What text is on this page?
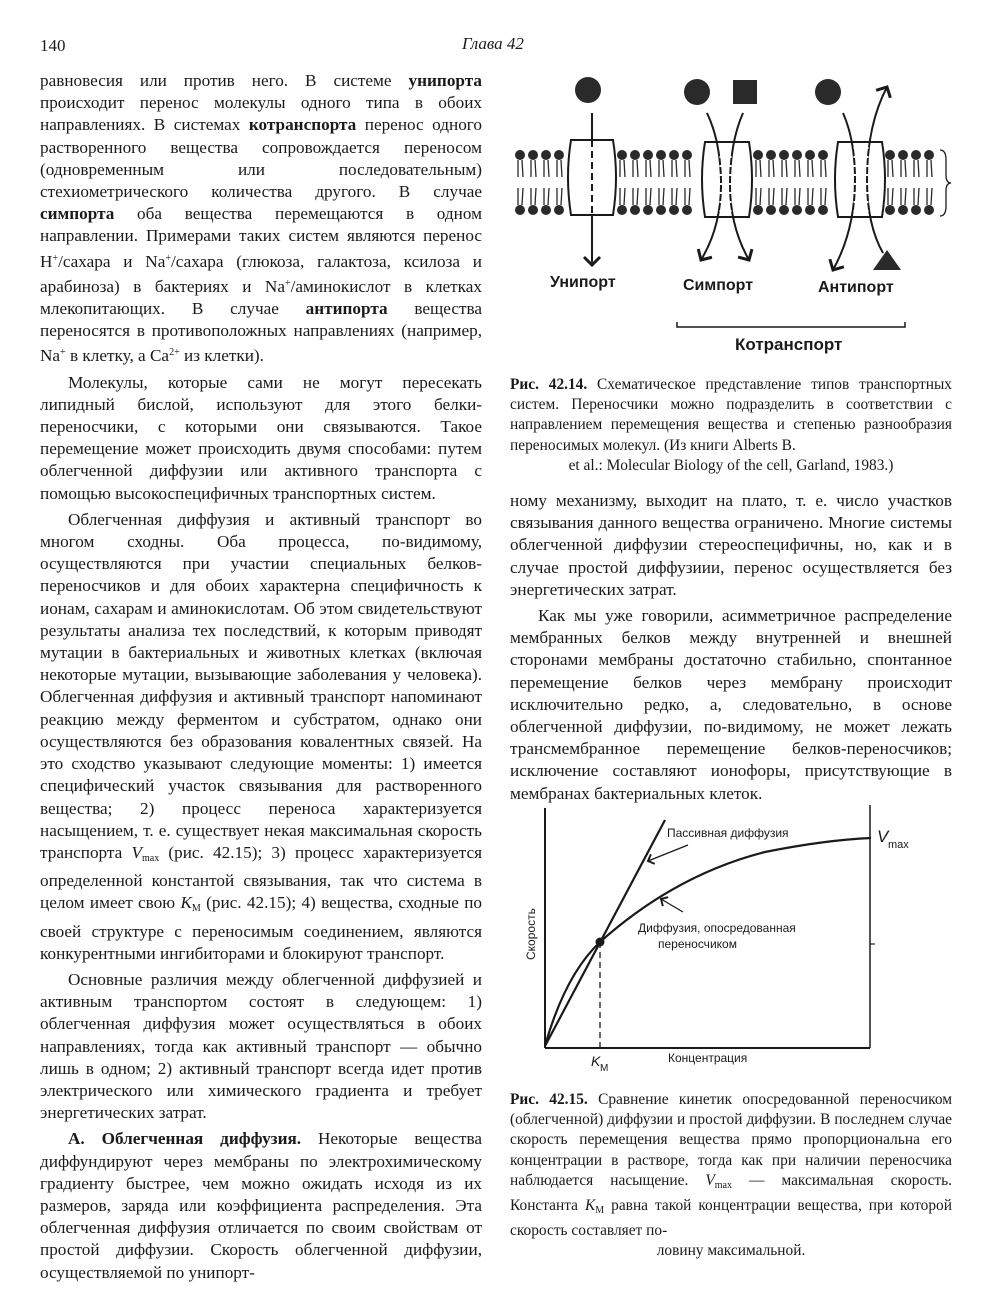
140	Глава 42

равновесия или против него. В системе унипорта происходит перенос молекулы одного типа в обоих направлениях. В системах котранспорта перенос одного растворенного вещества сопровождается переносом (одновременным или последовательным) стехиометрического количества другого. В случае симпорта оба вещества перемещаются в одном направлении. Примерами таких систем являются перенос H+/сахара и Na+/сахара (глюкоза, галактоза, ксилоза и арабиноза) в бактериях и Na+/аминокислот в клетках млекопитающих. В случае антипорта вещества переносятся в противоположных направлениях (например, Na+ в клетку, а $Ca^{2+}$ из клетки).

Молекулы, которые сами не могут пересекать липидный бислой, используют для этого белки-переносчики, с которыми они связываются. Такое перемещение может происходить двумя способами: путем облегченной диффузии или активного транспорта с помощью высокоспецифичных транспортных систем.

Облегченная диффузия и активный транспорт во многом сходны. Оба процесса, по-видимому, осуществляются при участии специальных белков-переносчиков и для обоих характерна специфичность к ионам, сахарам и аминокислотам. Об этом свидетельствуют результаты анализа тех последствий, к которым приводят мутации в бактериальных и животных клетках (включая некоторые мутации, вызывающие заболевания у человека). Облегченная диффузия и активный транспорт напоминают реакцию между ферментом и субстратом, однако они осуществляются без образования ковалентных связей. На это сходство указывают следующие моменты: 1) имеется специфический участок связывания для растворенного вещества; 2) процесс переноса характеризуется насыщением, т. е. существует некая максимальная скорость транспорта $V_{max}$ (рис. 42.15); 3) процесс характеризуется определенной константой связывания, так что система в целом имеет свою $K_M$ (рис. 42.15); 4) вещества, сходные по своей структуре с переносимым соединением, являются конкурентными ингибиторами и блокируют транспорт.

Основные различия между облегченной диффузией и активным транспортом состоят в следующем: 1) облегченная диффузия может осуществляться в обоих направлениях, тогда как активный транспорт — обычно лишь в одном; 2) активный транспорт всегда идет против электрического или химического градиента и требует энергетических затрат.

А. Облегченная диффузия. Некоторые вещества диффундируют через мембраны по электрохимическому градиенту быстрее, чем можно ожидать исходя из их размеров, заряда или коэффициента распределения. Эта облегченная диффузия отличается по своим свойствам от простой диффузии. Скорость облегченной диффузии, осуществляемой по унипорт-

Унипорт	Симпорт	Антипорт
Котранспорт
Рис. 42.14. Схематическое представление типов транспортных систем. Переносчики можно подразделить в соответствии с направлением перемещения вещества и степенью разнообразия переносимых молекул. (Из книги Alberts B.
et al.: Molecular Biology of the cell, Garland, 1983.)

ному механизму, выходит на плато, т. е. число участков связывания данного вещества ограничено. Многие системы облегченной диффузии стереоспецифичны, но, как и в случае простой диффузиии, перенос осуществляется без энергетических затрат.

Как мы уже говорили, асимметричное распределение мембранных белков между внутренней и внешней сторонами мембраны достаточно стабильно, спонтанное перемещение белков через мембрану происходит исключительно редко, а, следовательно, в основе облегченной диффузии, по-видимому, не может лежать трансмембранное перемещение белков-переносчиков; исключение составляют ионофоры, присутствующие в мембранах бактериальных клеток.

Пассивная диффузия
Диффузия, опосредованная переносчиком
V max
K M
Концентрация
Скорость
Рис. 42.15. Сравнение кинетик опосредованной переносчиком (облегченной) диффузии и простой диффузии. В последнем случае скорость перемещения вещества прямо пропорциональна его концентрации в растворе, тогда как при наличии переносчика наблюдается насыщение. $V_{max}$ — максимальная скорость. Константа $K_M$ равна такой концентрации вещества, при которой скорость составляет по-
ловину максимальной.
